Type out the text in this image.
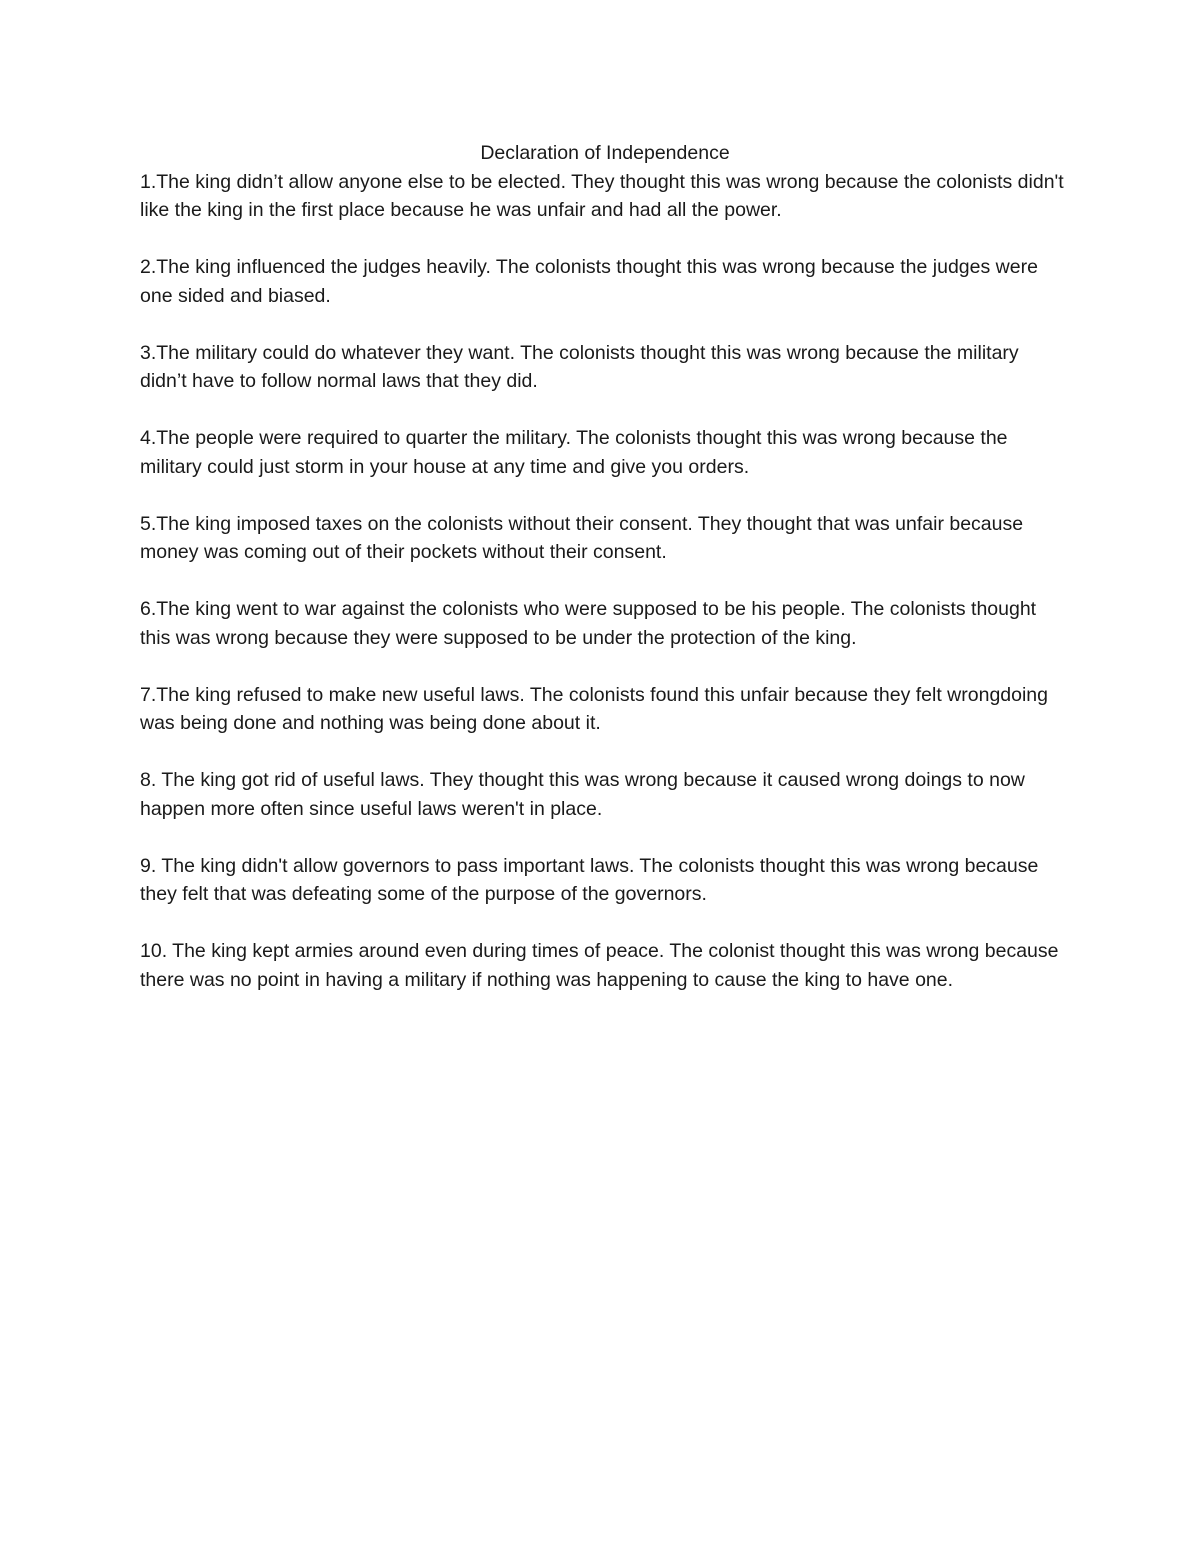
Declaration of Independence

1.The king didn’t allow anyone else to be elected. They thought this was wrong because the colonists didn't like the king in the first place because he was unfair and had all the power.

2.The king influenced the judges heavily. The colonists thought this was wrong because the judges were one sided and biased.

3.The military could do whatever they want. The colonists thought this was wrong because the military didn’t have to follow normal laws that they did.

4.The people were required to quarter the military. The colonists thought this was wrong because the military could just storm in your house at any time and give you orders.

5.The king imposed taxes on the colonists without their consent. They thought that was unfair because money was coming out of their pockets without their consent.

6.The king went to war against the colonists who were supposed to be his people. The colonists thought this was wrong because they were supposed to be under the protection of the king.

7.The king refused to make new useful laws. The colonists found this unfair because they felt wrongdoing was being done and nothing was being done about it.

8. The king got rid of useful laws. They thought this was wrong because it caused wrong doings to now happen more often since useful laws weren't in place.

9. The king didn't allow governors to pass important laws. The colonists thought this was wrong because they felt that was defeating some of the purpose of the governors.

10. The king kept armies around even during times of peace. The colonist thought this was wrong because there was no point in having a military if nothing was happening to cause the king to have one.
